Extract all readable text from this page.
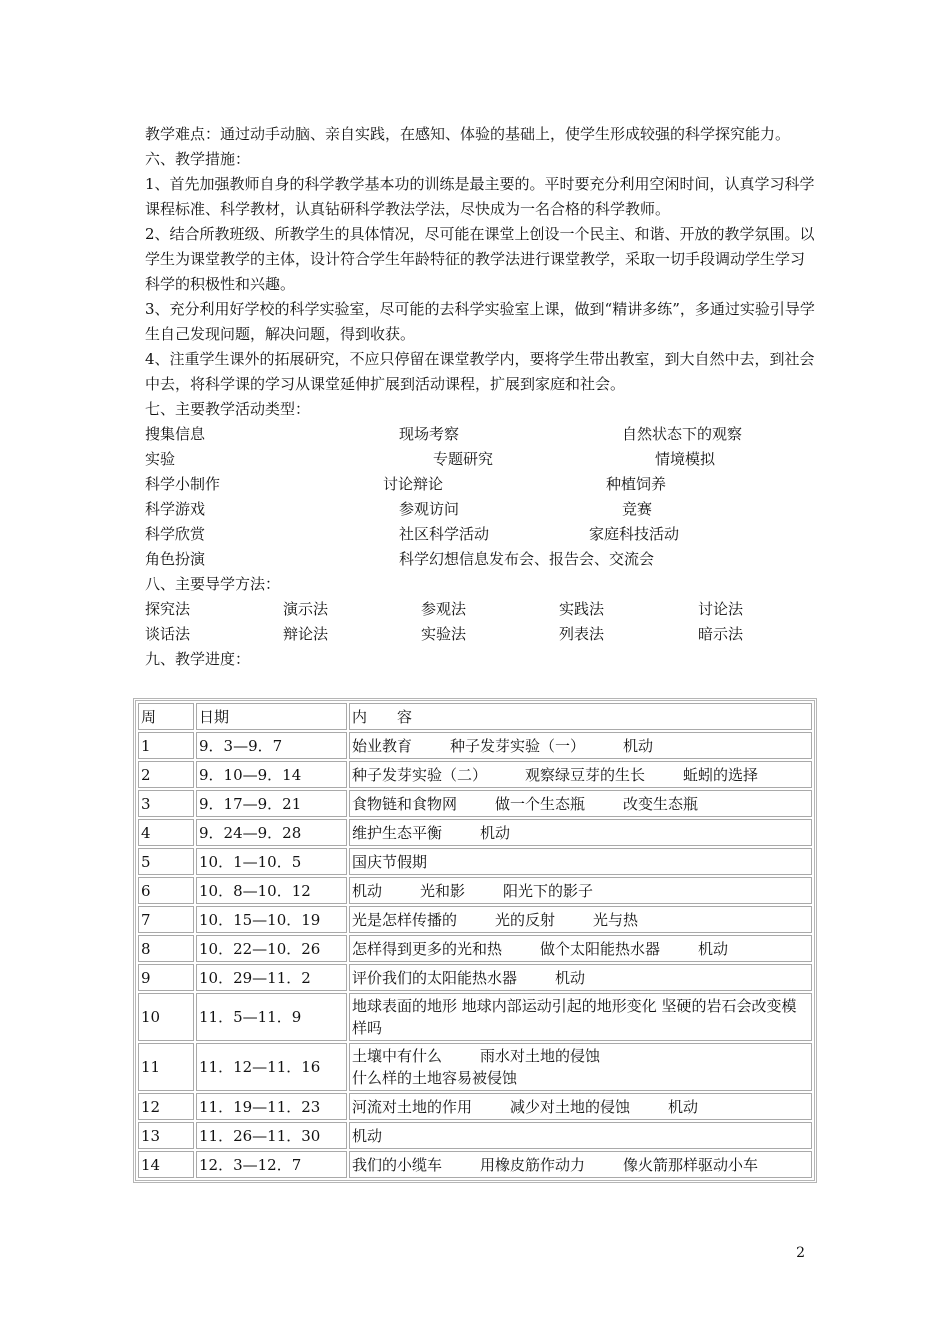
教学难点：通过动手动脑、亲自实践，在感知、体验的基础上，使学生形成较强的科学探究能力。

六、教学措施：

1、首先加强教师自身的科学教学基本功的训练是最主要的。平时要充分利用空闲时间，认真学习科学课程标准、科学教材，认真钻研科学教法学法，尽快成为一名合格的科学教师。

2、结合所教班级、所教学生的具体情况，尽可能在课堂上创设一个民主、和谐、开放的教学氛围。以学生为课堂教学的主体，设计符合学生年龄特征的教学法进行课堂教学，采取一切手段调动学生学习科学的积极性和兴趣。

3、充分利用好学校的科学实验室，尽可能的去科学实验室上课，做到“精讲多练”，多通过实验引导学生自己发现问题，解决问题，得到收获。

4、注重学生课外的拓展研究，不应只停留在课堂教学内，要将学生带出教室，到大自然中去，到社会中去，将科学课的学习从课堂延伸扩展到活动课程，扩展到家庭和社会。

七、主要教学活动类型：

搜集信息	现场考察	自然状态下的观察
实验	专题研究	情境模拟
科学小制作	讨论辩论	种植饲养
科学游戏	参观访问	竞赛
科学欣赏	社区科学活动	家庭科技活动
角色扮演	科学幻想信息发布会、报告会、交流会

八、主要导学方法：

探究法	演示法	参观法	实践法	讨论法
谈话法	辩论法	实验法	列表法	暗示法

九、教学进度：

周	日期	内　　容
1	9．3—9．7	始业教育 种子发芽实验（一） 机动
2	9．10—9．14	种子发芽实验（二） 观察绿豆芽的生长 蚯蚓的选择
3	9．17—9．21	食物链和食物网 做一个生态瓶 改变生态瓶
4	9．24—9．28	维护生态平衡 机动
5	10．1—10．5	国庆节假期
6	10．8—10．12	机动 光和影 阳光下的影子
7	10．15—10．19	光是怎样传播的 光的反射 光与热
8	10．22—10．26	怎样得到更多的光和热 做个太阳能热水器 机动
9	10．29—11．2	评价我们的太阳能热水器 机动
10	11．5—11．9	地球表面的地形 地球内部运动引起的地形变化 坚硬的岩石会改变模样吗
11	11．12—11．16	土壤中有什么 雨水对土地的侵蚀什么样的土地容易被侵蚀
12	11．19—11．23	河流对土地的作用 减少对土地的侵蚀 机动
13	11．26—11．30	机动
14	12．3—12．7	我们的小缆车 用橡皮筋作动力 像火箭那样驱动小车
2
